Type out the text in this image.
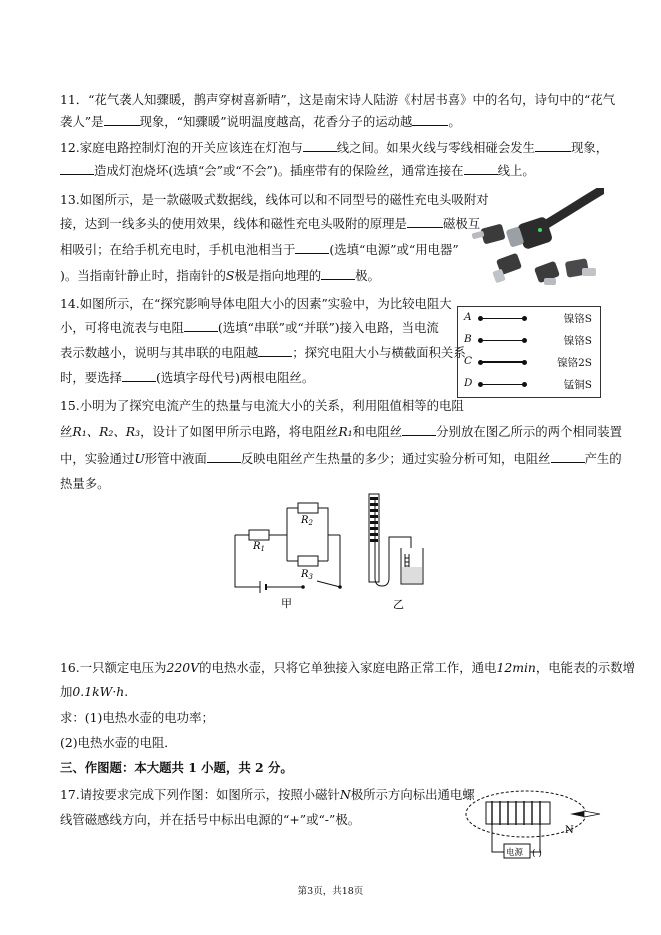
11．“花气袭人知骤暖，鹊声穿树喜新晴”，这是南宋诗人陆游《村居书喜》中的名句，诗句中的“花气

袭人”是	现象，“知骤暖”说明温度越高，花香分子的运动越	。

12.家庭电路控制灯泡的开关应该连在灯泡与	线之间。如果火线与零线相碰会发生	现象，

造成灯泡烧坏(选填“会”或“不会”)。插座带有的保险丝，通常连接在	线上。

13.如图所示，是一款磁吸式数据线，线体可以和不同型号的磁性充电头吸附对

接，达到一线多头的使用效果，线体和磁性充电头吸附的原理是	磁极互

相吸引；在给手机充电时，手机电池相当于	(选填“电源”或“用电器”

)。当指南针静止时，指南针的S极是指向地理的	极。

14.如图所示，在“探究影响导体电阻大小的因素”实验中，为比较电阻大

小，可将电流表与电阻	(选填“串联”或“并联”)接入电路，当电流

表示数越小，说明与其串联的电阻越	；探究电阻大小与横截面积关系

时，要选择	(选填字母代号)两根电阻丝。

A	镍铬S
B	镍铬S
C	镍铬2S
D	锰铜S

15.小明为了探究电流产生的热量与电流大小的关系，利用阻值相等的电阻

丝R₁、R₂、R₃，设计了如图甲所示电路，将电阻丝R₁和电阻丝	分别放在图乙所示的两个相同装置

中，实验通过U形管中液面	反映电阻丝产生热量的多少；通过实验分析可知，电阻丝	产生的

热量多。

$R_1$
$R_2$
$R_3$
甲	乙

16.一只额定电压为220V的电热水壶，只将它单独接入家庭电路正常工作，通电12min，电能表的示数增

加0.1kW·h.

求：(1)电热水壶的电功率；

(2)电热水壶的电阻．

三、作图题：本大题共 1 小题，共 2 分。

17.请按要求完成下列作图：如图所示，按照小磁针N极所示方向标出通电螺

线管磁感线方向，并在括号中标出电源的“+”或“-”极。

电源 ( )
N
第3页，共18页
